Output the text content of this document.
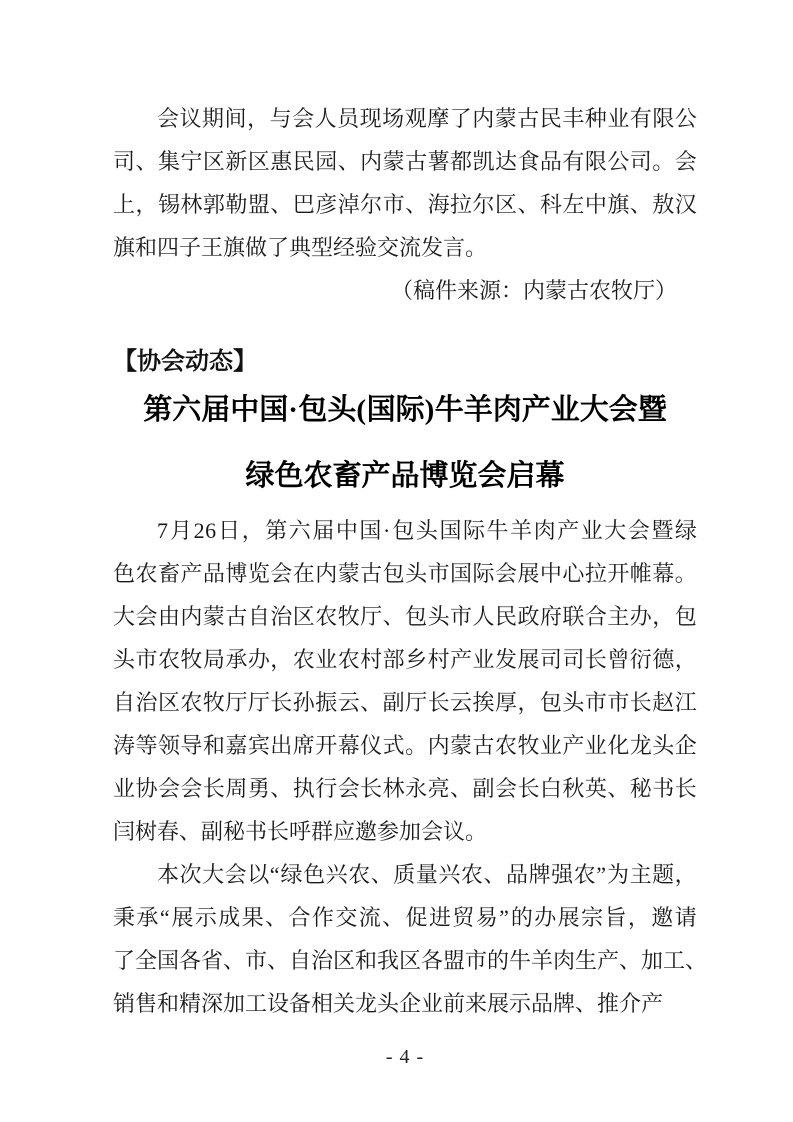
会 议 期 间 ， 与 会 人 员 现 场 观 摩 了 内 蒙 古 民 丰 种 业 有 限 公
司 、 集 宁 区 新 区 惠 民 园 、 内 蒙 古 薯 都 凯 达 食 品 有 限 公 司 。 会
上 ， 锡 林 郭 勒 盟 、 巴 彦 淖 尔 市 、 海 拉 尔 区 、 科 左 中 旗 、 敖 汉
旗和四子王旗做了典型经验交流发言。
（稿件来源：内蒙古农牧厅）
【协会动态】
第六届中国·包头(国际)牛羊肉产业大会暨
绿色农畜产品博览会启幕
7 月 26 日 ， 第 六 届 中 国 · 包 头 国 际 牛 羊 肉 产 业 大 会 暨 绿
色 农 畜 产 品 博 览 会 在 内 蒙 古 包 头 市 国 际 会 展 中 心 拉 开 帷 幕 。
大 会 由 内 蒙 古 自 治 区 农 牧 厅 、 包 头 市 人 民 政 府 联 合 主 办 ， 包
头 市 农 牧 局 承 办 ， 农 业 农 村 部 乡 村 产 业 发 展 司 司 长 曾 衍 德 ，
自 治 区 农 牧 厅 厅 长 孙 振 云 、 副 厅 长 云 挨 厚 ， 包 头 市 市 长 赵 江
涛 等 领 导 和 嘉 宾 出 席 开 幕 仪 式 。 内 蒙 古 农 牧 业 产 业 化 龙 头 企
业 协 会 会 长 周 勇 、 执 行 会 长 林 永 亮 、 副 会 长 白 秋 英 、 秘 书 长
闫树春、副秘书长呼群应邀参加会议。
本 次 大 会 以 “ 绿 色 兴 农 、 质 量 兴 农 、 品 牌 强 农 ” 为 主 题 ，
秉 承 “ 展 示 成 果 、 合 作 交 流 、 促 进 贸 易 ” 的 办 展 宗 旨 ， 邀 请
了 全 国 各 省 、 市 、 自 治 区 和 我 区 各 盟 市 的 牛 羊 肉 生 产 、 加 工 、
销售和精深加工设备相关龙头企业前来展示品牌、推介产
- 4 -
